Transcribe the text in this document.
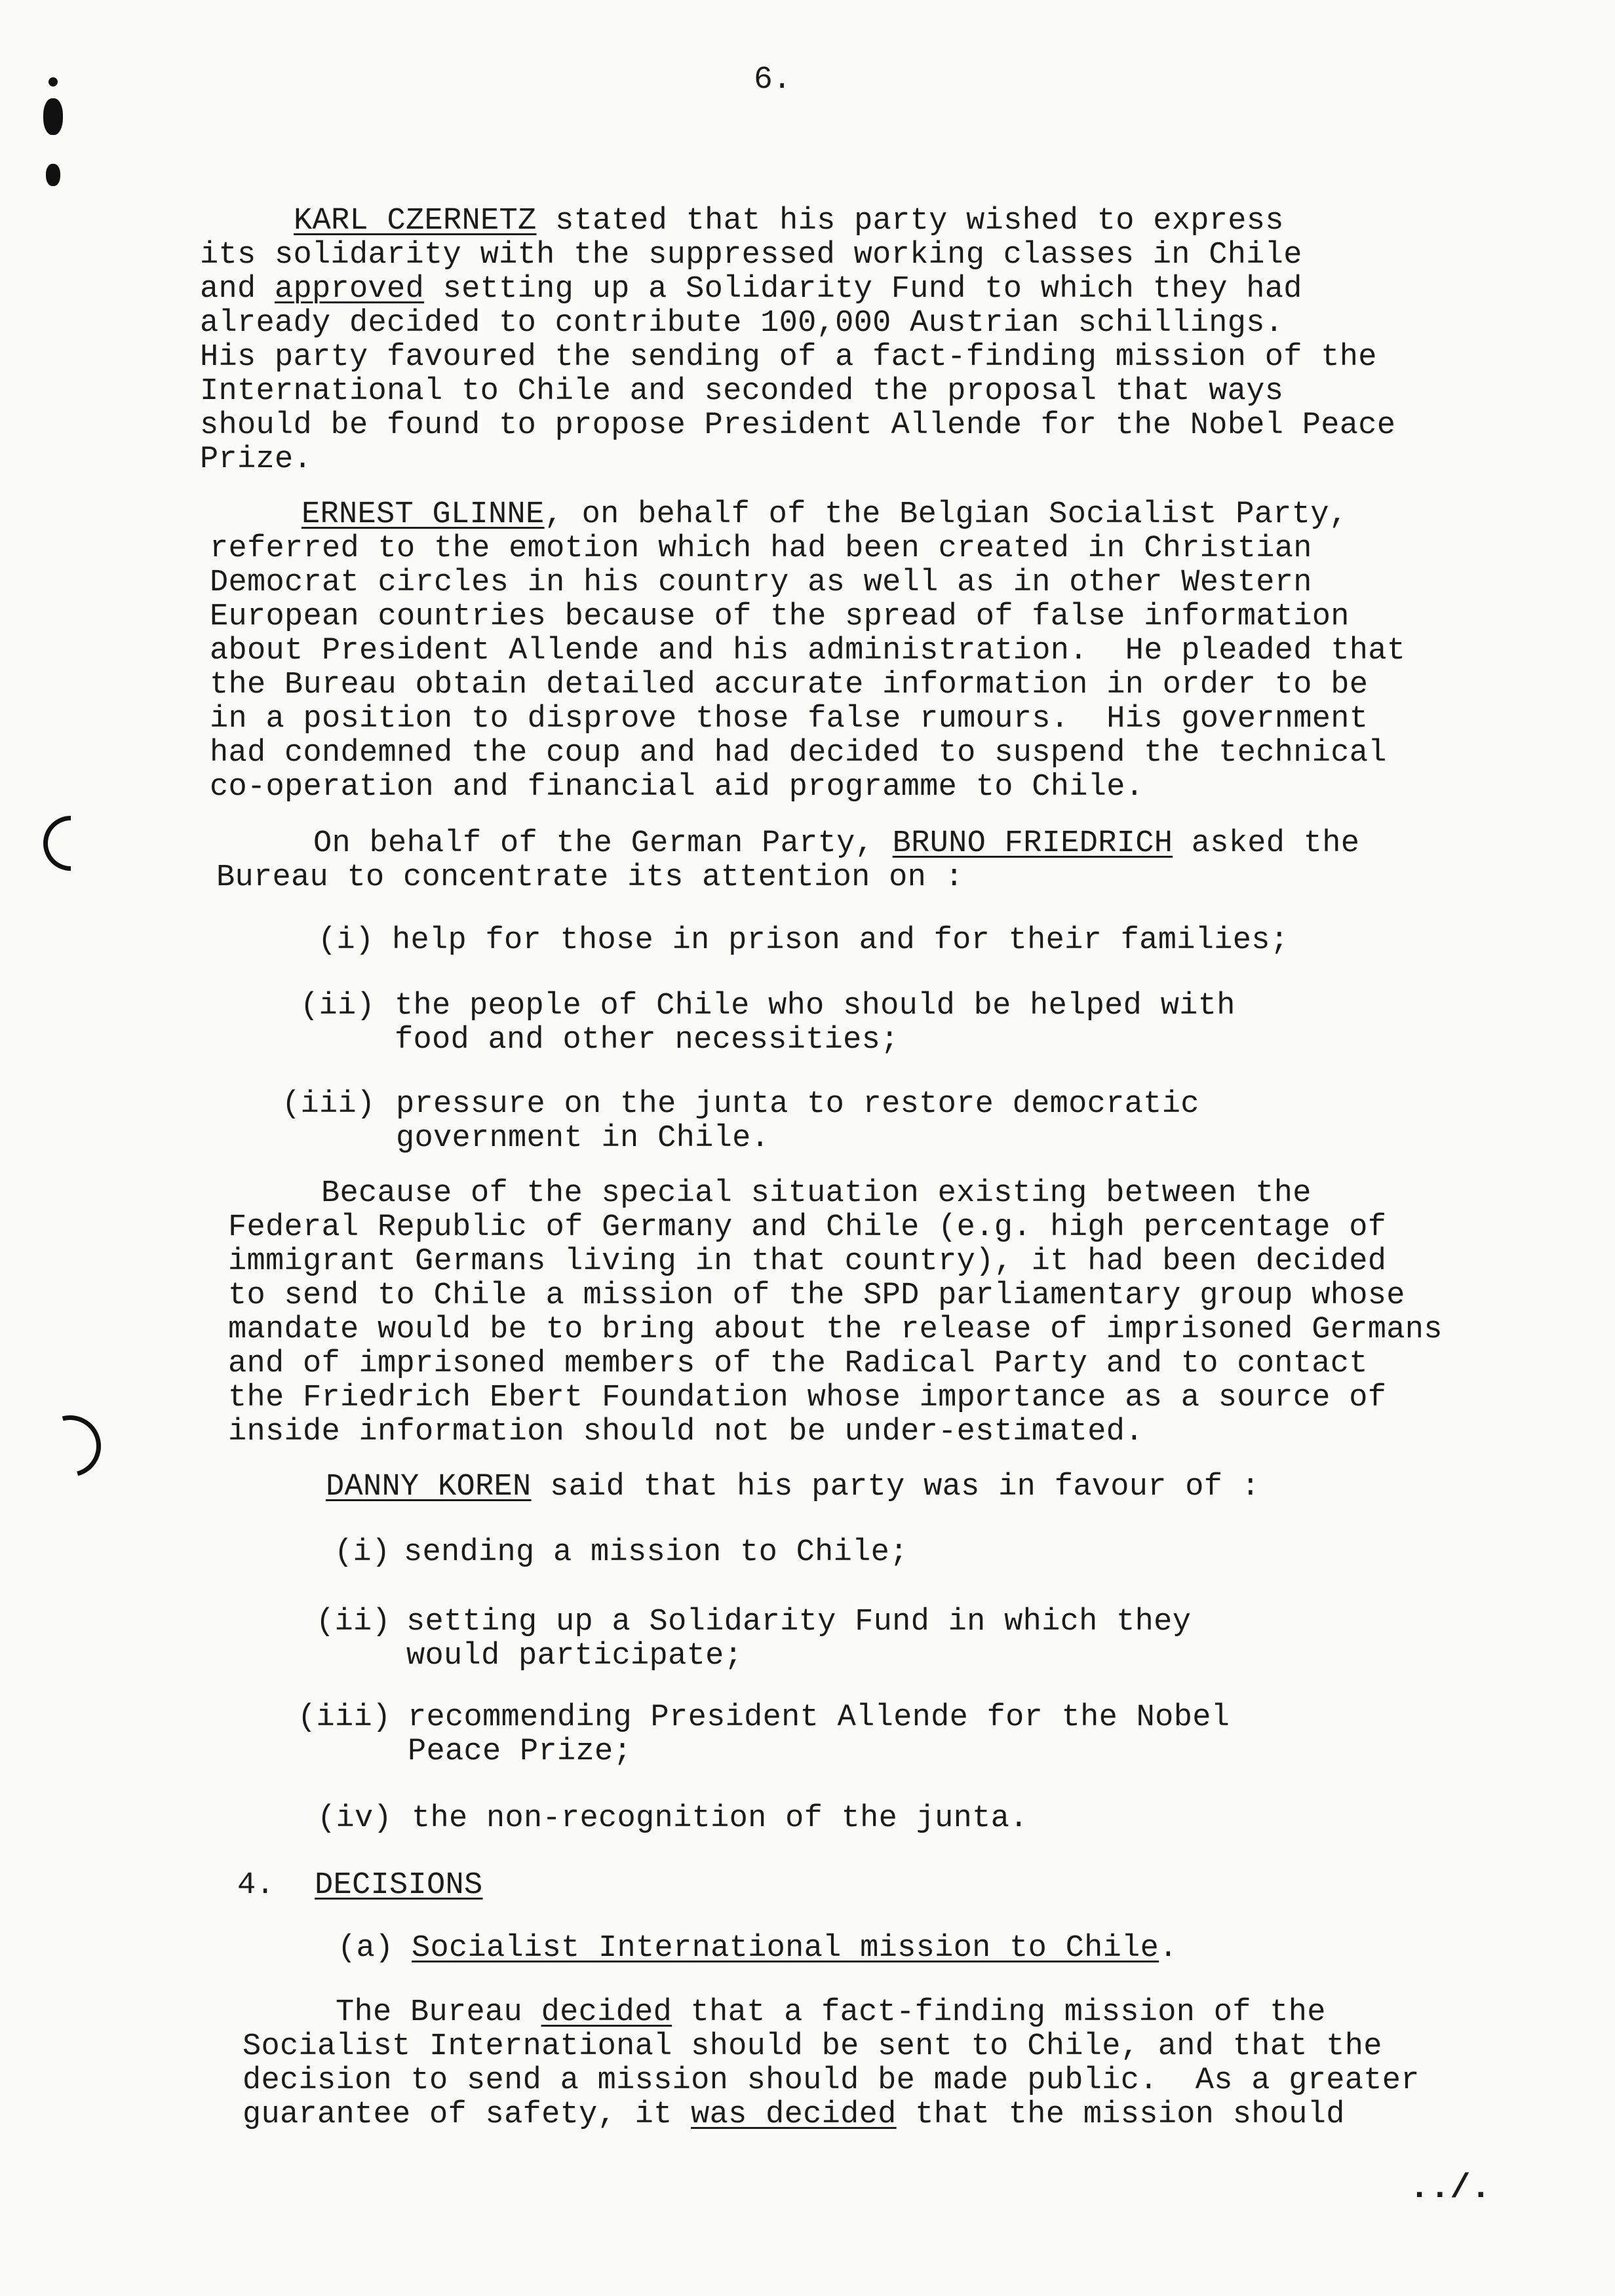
6.
KARL CZERNETZ stated that his party wished to express
its solidarity with the suppressed working classes in Chile
and approved setting up a Solidarity Fund to which they had
already decided to contribute 100,000 Austrian schillings.
His party favoured the sending of a fact-finding mission of the
International to Chile and seconded the proposal that ways
should be found to propose President Allende for the Nobel Peace
Prize.
ERNEST GLINNE, on behalf of the Belgian Socialist Party,
referred to the emotion which had been created in Christian
Democrat circles in his country as well as in other Western
European countries because of the spread of false information
about President Allende and his administration.  He pleaded that
the Bureau obtain detailed accurate information in order to be
in a position to disprove those false rumours.  His government
had condemned the coup and had decided to suspend the technical
co-operation and financial aid programme to Chile.
On behalf of the German Party, BRUNO FRIEDRICH asked the
Bureau to concentrate its attention on :
(i) help for those in prison and for their families;
(ii) the people of Chile who should be helped with
food and other necessities;
(iii) pressure on the junta to restore democratic
government in Chile.
Because of the special situation existing between the
Federal Republic of Germany and Chile (e.g. high percentage of
immigrant Germans living in that country), it had been decided
to send to Chile a mission of the SPD parliamentary group whose
mandate would be to bring about the release of imprisoned Germans
and of imprisoned members of the Radical Party and to contact
the Friedrich Ebert Foundation whose importance as a source of
inside information should not be under-estimated.
DANNY KOREN said that his party was in favour of :
(i) sending a mission to Chile;
(ii) setting up a Solidarity Fund in which they
would participate;
(iii) recommending President Allende for the Nobel
Peace Prize;
(iv) the non-recognition of the junta.
4. DECISIONS
(a) Socialist International mission to Chile.
The Bureau decided that a fact-finding mission of the
Socialist International should be sent to Chile, and that the
decision to send a mission should be made public.  As a greater
guarantee of safety, it was decided that the mission should
../.
